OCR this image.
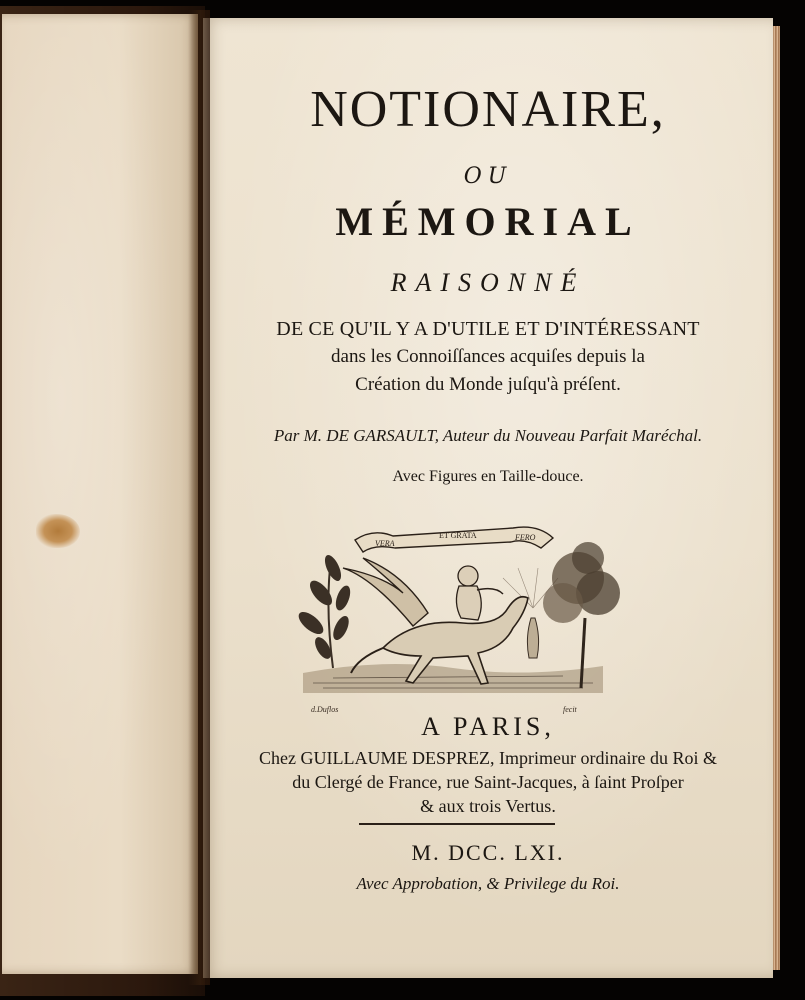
NOTIONAIRE,
OU
MÉMORIAL
RAISONNÉ
DE CE QU'IL Y A D'UTILE ET D'INTÉRESSANT
dans les Connoiſſances acquiſes depuis la
Création du Monde juſqu'à préſent.
Par M. DE GARSAULT, Auteur du Nouveau Parfait Maréchal.
Avec Figures en Taille-douce.
VERA
ET GRATA	FERO
d.Duflos	fecit
A PARIS,
Chez GUILLAUME DESPREZ, Imprimeur ordinaire du Roi &
du Clergé de France, rue Saint-Jacques, à ſaint Proſper
& aux trois Vertus.
M. DCC. LXI.
Avec Approbation, & Privilege du Roi.
